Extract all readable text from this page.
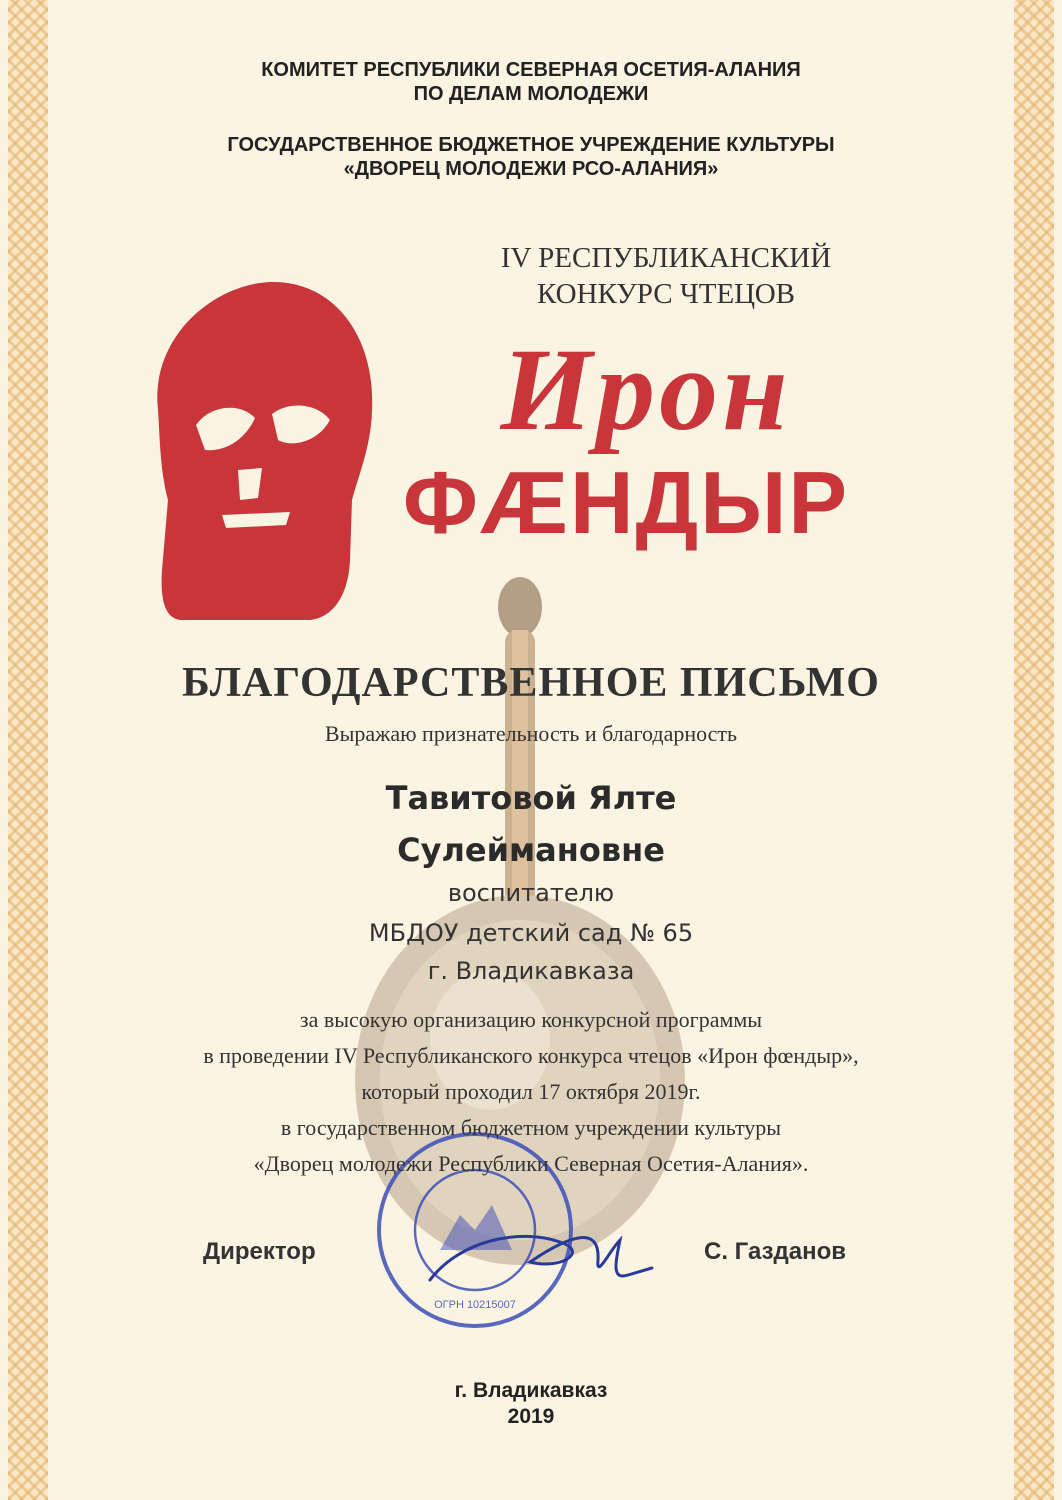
ОГРН 10215007
КОМИТЕТ РЕСПУБЛИКИ СЕВЕРНАЯ ОСЕТИЯ-АЛАНИЯ
ПО ДЕЛАМ МОЛОДЕЖИ
ГОСУДАРСТВЕННОЕ БЮДЖЕТНОЕ УЧРЕЖДЕНИЕ КУЛЬТУРЫ
«ДВОРЕЦ МОЛОДЕЖИ РСО-АЛАНИЯ»
IV РЕСПУБЛИКАНСКИЙ
КОНКУРС ЧТЕЦОВ
Ирон
ФÆНДЫР
БЛАГОДАРСТВЕННОЕ ПИСЬМО
Выражаю признательность и благодарность
Тавитовой Ялте
Сулеймановне
воспитателю
МБДОУ детский сад № 65
г. Владикавказа
за высокую организацию конкурсной программы
в проведении IV Республиканского конкурса чтецов «Ирон фœндыр»,
который проходил 17 октября 2019г.
в государственном бюджетном учреждении культуры
«Дворец молодежи Республики Северная Осетия-Алания».
Директор	С. Газданов
г. Владикавказ
2019
